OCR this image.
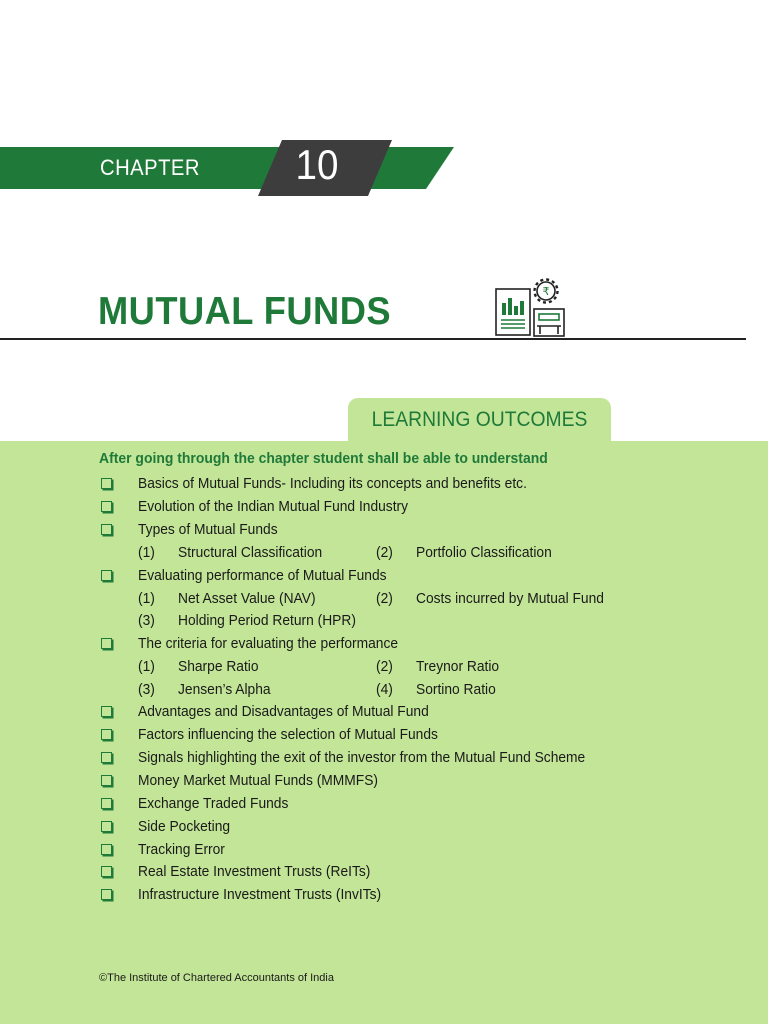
CHAPTER 10
MUTUAL FUNDS	₹
LEARNING OUTCOMES
After going through the chapter student shall be able to understand
Basics of Mutual Funds- Including its concepts and benefits etc.
Evolution of the Indian Mutual Fund Industry
Types of Mutual Funds
Evaluating performance of Mutual Funds
The criteria for evaluating the performance
Advantages and Disadvantages of Mutual Fund
Factors influencing the selection of Mutual Funds
Signals highlighting the exit of the investor from the Mutual Fund Scheme
Money Market Mutual Funds (MMMFS)
Exchange Traded Funds
Side Pocketing
Tracking Error
Real Estate Investment Trusts (ReITs)
Infrastructure Investment Trusts (InvITs)
(1) Structural Classification	(2) Portfolio Classification
(1) Net Asset Value (NAV)	(2) Costs incurred by Mutual Fund
(3) Holding Period Return (HPR)
(1) Sharpe Ratio	(2) Treynor Ratio
(3) Jensen’s Alpha	(4) Sortino Ratio
©The Institute of Chartered Accountants of India
